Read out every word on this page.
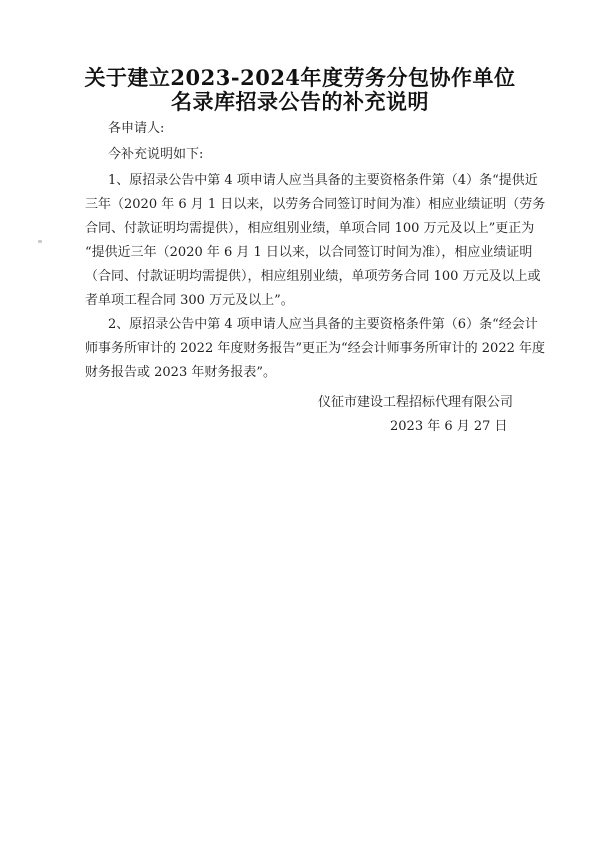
关于建立2023-2024年度劳务分包协作单位
名录库招录公告的补充说明
各申请人:
今补充说明如下:
1、原招录公告中第 4 项申请人应当具备的主要资格条件第（4）条“提供近
三年（2020 年 6 月 1 日以来，以劳务合同签订时间为准）相应业绩证明（劳务
合同、付款证明均需提供），相应组别业绩，单项合同 100 万元及以上”更正为
“提供近三年（2020 年 6 月 1 日以来，以合同签订时间为准），相应业绩证明
（合同、付款证明均需提供），相应组别业绩，单项劳务合同 100 万元及以上或
者单项工程合同 300 万元及以上”。
2、原招录公告中第 4 项申请人应当具备的主要资格条件第（6）条“经会计
师事务所审计的 2022 年度财务报告”更正为“经会计师事务所审计的 2022 年度
财务报告或 2023 年财务报表”。
仪征市建设工程招标代理有限公司
2023 年 6 月 27 日
